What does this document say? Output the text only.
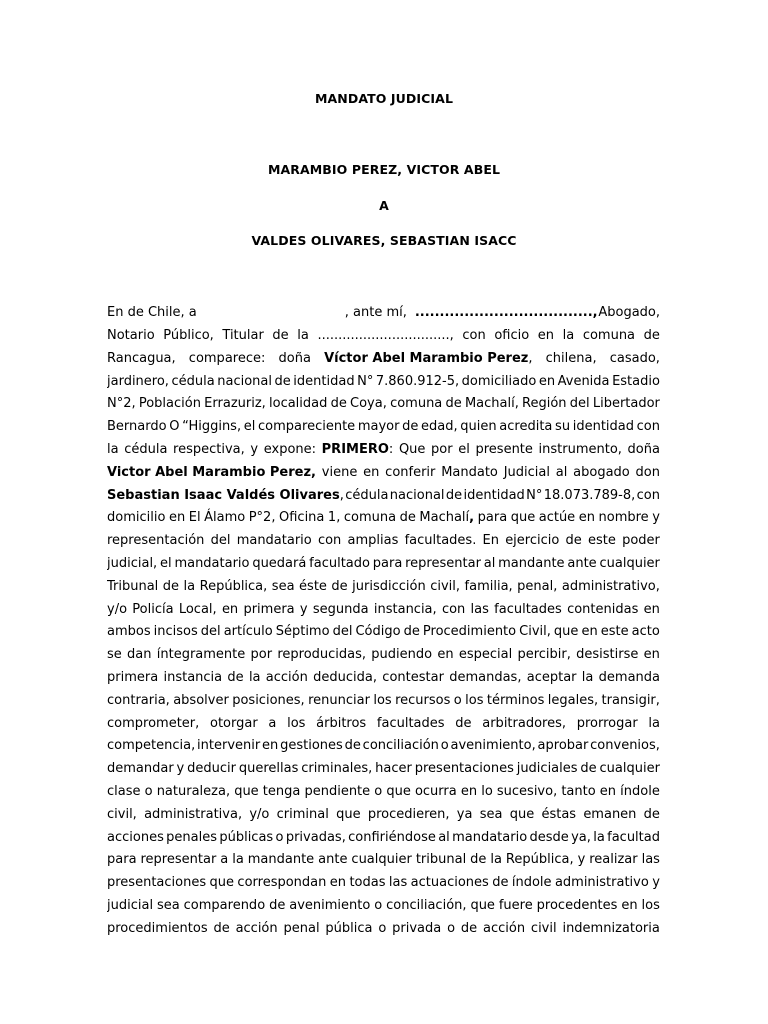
MANDATO JUDICIAL
MARAMBIO PEREZ, VICTOR ABEL
A
VALDES OLIVARES, SEBASTIAN ISACC
En de Chile, a	, ante mí, ...................................., Abogado,
Notario Público, Titular de la ................................, con oficio en la comuna de
Rancagua, comparece: doña Víctor Abel Marambio Perez, chilena, casado,
jardinero, cédula nacional de identidad N° 7.860.912-5, domiciliado en Avenida Estadio
N°2, Población Errazuriz, localidad de Coya, comuna de Machalí, Región del Libertador
Bernardo O “Higgins, el compareciente mayor de edad, quien acredita su identidad con
la cédula respectiva, y expone: PRIMERO: Que por el presente instrumento, doña
Victor Abel Marambio Perez, viene en conferir Mandato Judicial al abogado don
Sebastian Isaac Valdés Olivares, cédula nacional de identidad N° 18.073.789-8, con
domicilio en El Álamo P°2, Oficina 1, comuna de Machalí, para que actúe en nombre y
representación del mandatario con amplias facultades. En ejercicio de este poder
judicial, el mandatario quedará facultado para representar al mandante ante cualquier
Tribunal de la República, sea éste de jurisdicción civil, familia, penal, administrativo,
y/o Policía Local, en primera y segunda instancia, con las facultades contenidas en
ambos incisos del artículo Séptimo del Código de Procedimiento Civil, que en este acto
se dan íntegramente por reproducidas, pudiendo en especial percibir, desistirse en
primera instancia de la acción deducida, contestar demandas, aceptar la demanda
contraria, absolver posiciones, renunciar los recursos o los términos legales, transigir,
comprometer, otorgar a los árbitros facultades de arbitradores, prorrogar la
competencia, intervenir en gestiones de conciliación o avenimiento, aprobar convenios,
demandar y deducir querellas criminales, hacer presentaciones judiciales de cualquier
clase o naturaleza, que tenga pendiente o que ocurra en lo sucesivo, tanto en índole
civil, administrativa, y/o criminal que procedieren, ya sea que éstas emanen de
acciones penales públicas o privadas, confiriéndose al mandatario desde ya, la facultad
para representar a la mandante ante cualquier tribunal de la República, y realizar las
presentaciones que correspondan en todas las actuaciones de índole administrativo y
judicial sea comparendo de avenimiento o conciliación, que fuere procedentes en los
procedimientos de acción penal pública o privada o de acción civil indemnizatoria
